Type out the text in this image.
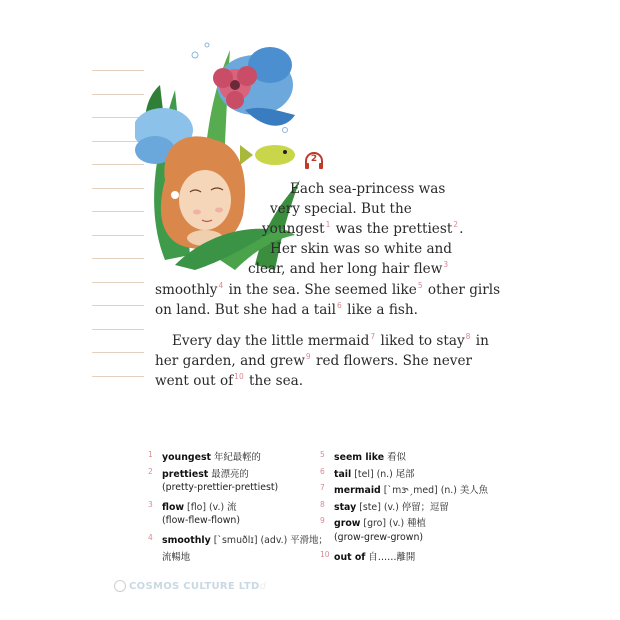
2
Each sea-princess was
very special. But the
youngest$^1$ was the prettiest$^2$.
Her skin was so white and
clear, and her long hair flew$^3$
smoothly$^4$ in the sea. She seemed like$^5$ other girls
on land. But she had a tail$^6$ like a fish.
Every day the little mermaid$^7$ liked to stay$^8$ in
her garden, and grew$^9$ red flowers. She never
went out of$^{10}$ the sea.
1 youngest 年紀最輕的
2 prettiest 最漂亮的
(pretty-prettier-prettiest)
3 flow [flo] (v.) 流
(flow-flew-flown)
4 smoothly [ˋsmuðlɪ] (adv.) 平滑地；
流暢地
5 seem like 看似
6 tail [tel] (n.) 尾部
7 mermaid [ˋmɝˏmed] (n.) 美人魚
8 stay [ste] (v.) 停留；逗留
9 grow [gro] (v.) 種植
(grow-grew-grown)
10 out of 自……離開
COSMOS CULTURE LTDd
